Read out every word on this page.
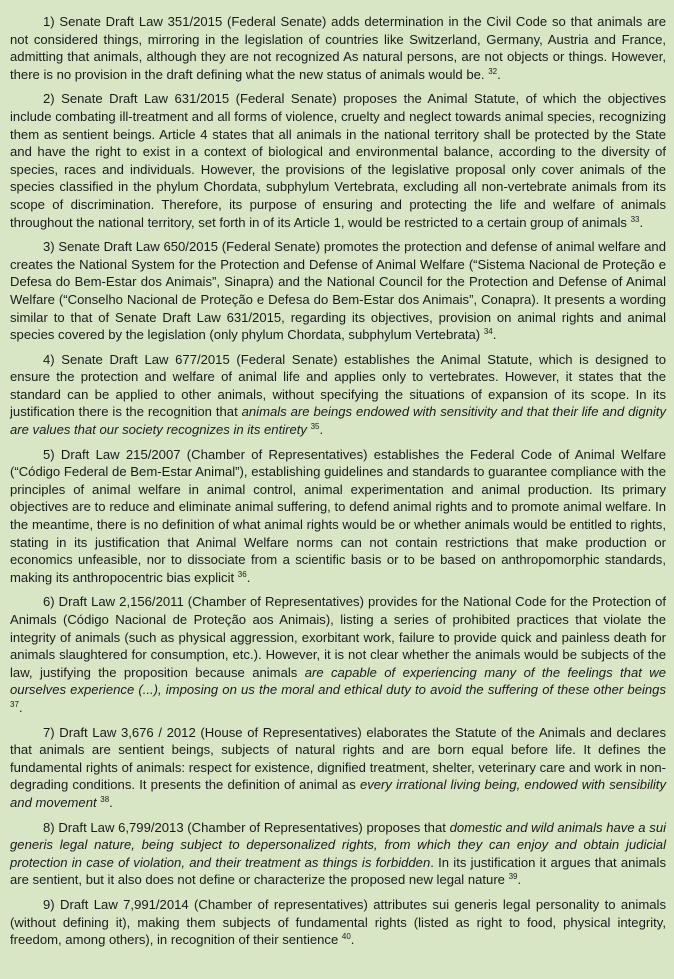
1) Senate Draft Law 351/2015 (Federal Senate) adds determination in the Civil Code so that animals are not considered things, mirroring in the legislation of countries like Switzerland, Germany, Austria and France, admitting that animals, although they are not recognized As natural persons, are not objects or things. However, there is no provision in the draft defining what the new status of animals would be. $^{32}$.

2) Senate Draft Law 631/2015 (Federal Senate) proposes the Animal Statute, of which the objectives include combating ill-treatment and all forms of violence, cruelty and neglect towards animal species, recognizing them as sentient beings. Article 4 states that all animals in the national territory shall be protected by the State and have the right to exist in a context of biological and environmental balance, according to the diversity of species, races and individuals. However, the provisions of the legislative proposal only cover animals of the species classified in the phylum Chordata, subphylum Vertebrata, excluding all non-vertebrate animals from its scope of discrimination. Therefore, its purpose of ensuring and protecting the life and welfare of animals throughout the national territory, set forth in of its Article 1, would be restricted to a certain group of animals $^{33}$.

3) Senate Draft Law 650/2015 (Federal Senate) promotes the protection and defense of animal welfare and creates the National System for the Protection and Defense of Animal Welfare (“Sistema Nacional de Proteção e Defesa do Bem-Estar dos Animais”, Sinapra) and the National Council for the Protection and Defense of Animal Welfare (“Conselho Nacional de Proteção e Defesa do Bem-Estar dos Animais”, Conapra). It presents a wording similar to that of Senate Draft Law 631/2015, regarding its objectives, provision on animal rights and animal species covered by the legislation (only phylum Chordata, subphylum Vertebrata) $^{34}$.

4) Senate Draft Law 677/2015 (Federal Senate) establishes the Animal Statute, which is designed to ensure the protection and welfare of animal life and applies only to vertebrates. However, it states that the standard can be applied to other animals, without specifying the situations of expansion of its scope. In its justification there is the recognition that animals are beings endowed with sensitivity and that their life and dignity are values that our society recognizes in its entirety $^{35}$.

5) Draft Law 215/2007 (Chamber of Representatives) establishes the Federal Code of Animal Welfare (“Código Federal de Bem-Estar Animal”), establishing guidelines and standards to guarantee compliance with the principles of animal welfare in animal control, animal experimentation and animal production. Its primary objectives are to reduce and eliminate animal suffering, to defend animal rights and to promote animal welfare. In the meantime, there is no definition of what animal rights would be or whether animals would be entitled to rights, stating in its justification that Animal Welfare norms can not contain restrictions that make production or economics unfeasible, nor to dissociate from a scientific basis or to be based on anthropomorphic standards, making its anthropocentric bias explicit $^{36}$.

6) Draft Law 2,156/2011 (Chamber of Representatives) provides for the National Code for the Protection of Animals (Código Nacional de Proteção aos Animais), listing a series of prohibited practices that violate the integrity of animals (such as physical aggression, exorbitant work, failure to provide quick and painless death for animals slaughtered for consumption, etc.). However, it is not clear whether the animals would be subjects of the law, justifying the proposition because animals are capable of experiencing many of the feelings that we ourselves experience (...), imposing on us the moral and ethical duty to avoid the suffering of these other beings $^{37}$.

7) Draft Law 3,676 / 2012 (House of Representatives) elaborates the Statute of the Animals and declares that animals are sentient beings, subjects of natural rights and are born equal before life. It defines the fundamental rights of animals: respect for existence, dignified treatment, shelter, veterinary care and work in non-degrading conditions. It presents the definition of animal as every irrational living being, endowed with sensibility and movement $^{38}$.

8) Draft Law 6,799/2013 (Chamber of Representatives) proposes that domestic and wild animals have a sui generis legal nature, being subject to depersonalized rights, from which they can enjoy and obtain judicial protection in case of violation, and their treatment as things is forbidden. In its justification it argues that animals are sentient, but it also does not define or characterize the proposed new legal nature $^{39}$.

9) Draft Law 7,991/2014 (Chamber of representatives) attributes sui generis legal personality to animals (without defining it), making them subjects of fundamental rights (listed as right to food, physical integrity, freedom, among others), in recognition of their sentience $^{40}$.
